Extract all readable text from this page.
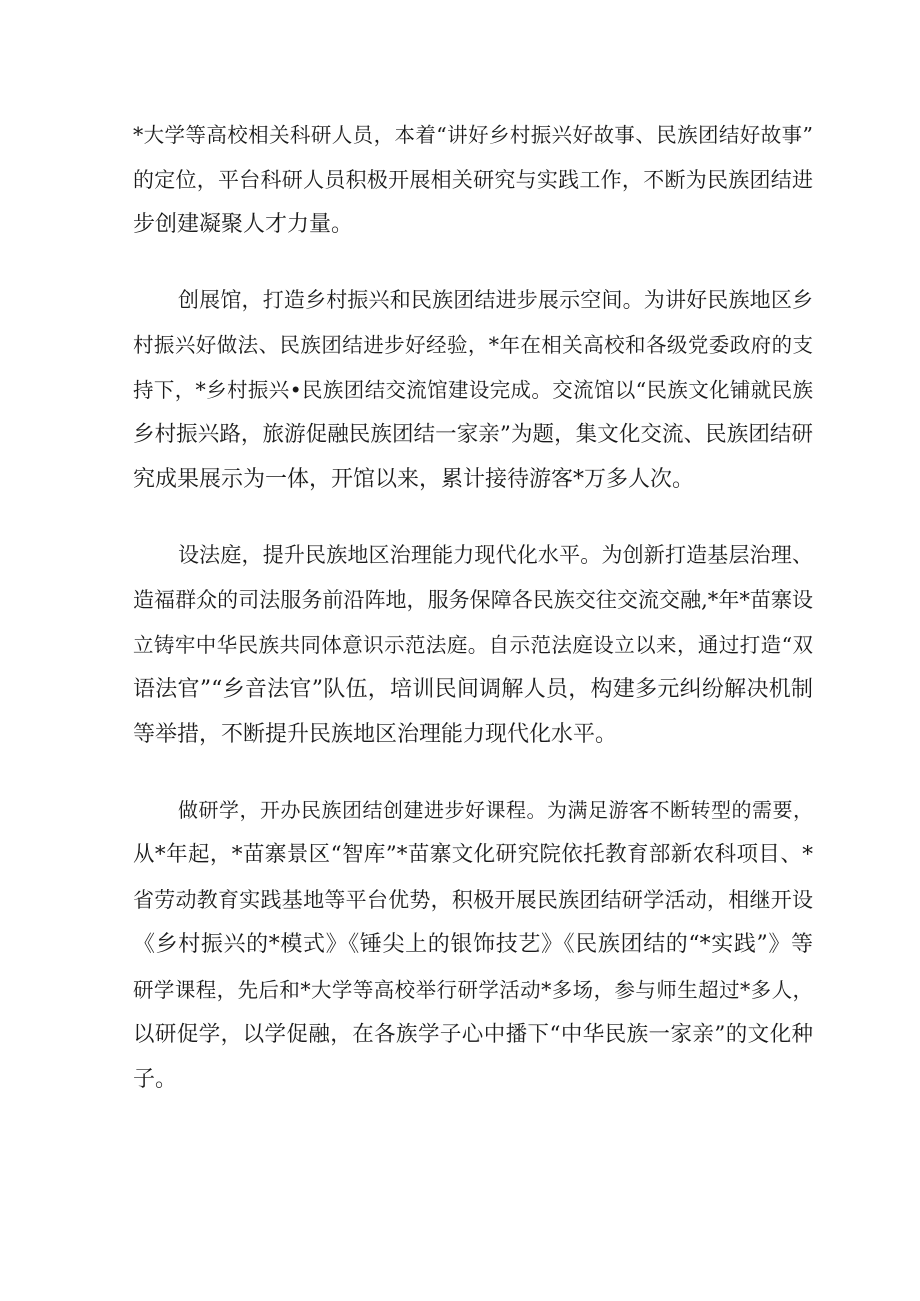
*大学等高校相关科研人员，本着“讲好乡村振兴好故事、民族团结好故事”
的定位，平台科研人员积极开展相关研究与实践工作，不断为民族团结进
步创建凝聚人才力量。
创展馆，打造乡村振兴和民族团结进步展示空间。为讲好民族地区乡
村振兴好做法、民族团结进步好经验，*年在相关高校和各级党委政府的支
持下，*乡村振兴•民族团结交流馆建设完成。交流馆以“民族文化铺就民族
乡村振兴路，旅游促融民族团结一家亲”为题，集文化交流、民族团结研
究成果展示为一体，开馆以来，累计接待游客*万多人次。
设法庭，提升民族地区治理能力现代化水平。为创新打造基层治理、
造福群众的司法服务前沿阵地，服务保障各民族交往交流交融,*年*苗寨设
立铸牢中华民族共同体意识示范法庭。自示范法庭设立以来，通过打造“双
语法官”“乡音法官”队伍，培训民间调解人员，构建多元纠纷解决机制
等举措，不断提升民族地区治理能力现代化水平。
做研学，开办民族团结创建进步好课程。为满足游客不断转型的需要，
从*年起，*苗寨景区“智库”*苗寨文化研究院依托教育部新农科项目、*
省劳动教育实践基地等平台优势，积极开展民族团结研学活动，相继开设
《乡村振兴的*模式》《锤尖上的银饰技艺》《民族团结的“*实践”》等
研学课程，先后和*大学等高校举行研学活动*多场，参与师生超过*多人，
以研促学，以学促融，在各族学子心中播下“中华民族一家亲”的文化种
子。
